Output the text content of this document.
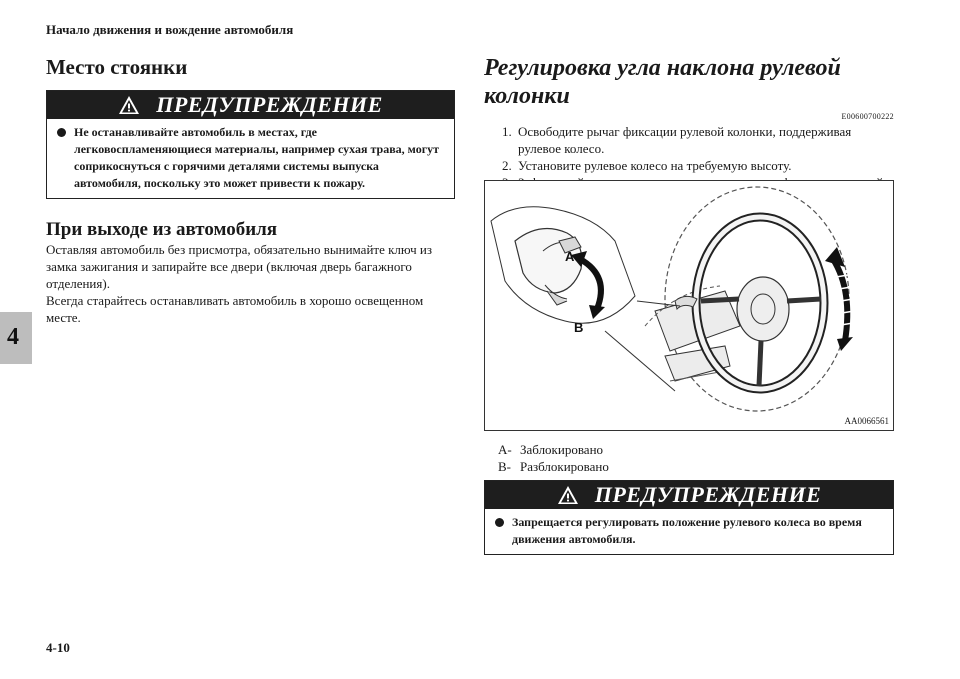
Начало движения и вождение автомобиля
4
4-10
Место стоянки
ПРЕДУПРЕЖДЕНИЕ
Не останавливайте автомобиль в местах, где легковоспламеняющиеся материалы, например сухая трава, могут соприкоснуться с горячими деталями системы выпуска автомобиля, поскольку это может привести к пожару.
При выходе из автомобиля

Оставляя автомобиль без присмотра, обязательно вынимайте ключ из замка зажигания и запирайте все двери (включая дверь багажного отделения).

Всегда старайтесь останавливать автомобиль в хорошо освещенном месте.

Регулировка угла наклона рулевой колонки
E00600700222
1. Освободите рычаг фиксации рулевой колонки, поддерживая рулевое колесо.
2. Установите рулевое колесо на требуемую высоту.
A
B
AA0066561
A- Заблокировано
B- Разблокировано
ПРЕДУПРЕЖДЕНИЕ
Запрещается регулировать положение рулевого колеса во время движения автомобиля.
